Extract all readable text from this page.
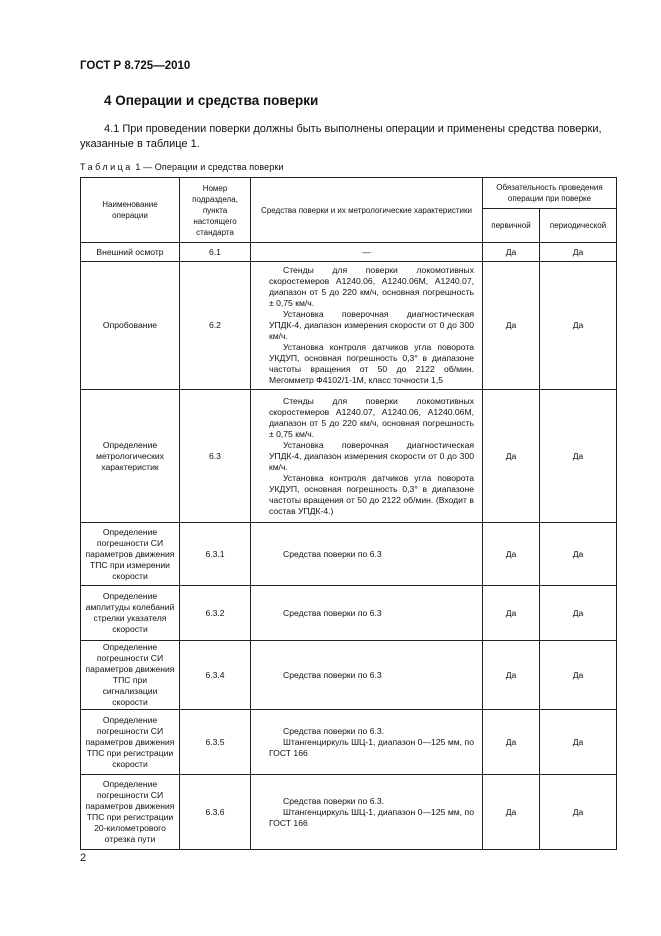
ГОСТ Р 8.725—2010
4 Операции и средства поверки
4.1 При проведении поверки должны быть выполнены операции и применены средства поверки, указанные в таблице 1.
Таблица 1 — Операции и средства поверки
Наименование операции	Номер подраздела, пункта настоящего стандарта	Средства поверки и их метрологические характеристики	Обязательность проведения операции при поверке	
			первичной	периодической
Внешний осмотр	6.1	—	Да	Да
Опробование	6.2	Стенды для поверки локомотивных скоростемеров А1240.06, А1240.06М, А1240.07, диапазон от 5 до 220 км/ч, основная погрешность ± 0,75 км/ч.
Установка поверочная диагностическая УПДК-4, диапазон измерения скорости от 0 до 300 км/ч.
Установка контроля датчиков угла поворота УКДУП, основная погрешность 0,3° в диапазоне частоты вращения от 50 до 2122 об/мин. Мегомметр Ф4102/1-1М, класс точности 1,5	Да	Да
Определение метрологических характеристик	6.3	Стенды для поверки локомотивных скоростемеров А1240.07, А1240.06, А1240.06М, диапазон от 5 до 220 км/ч, основная погрешность ± 0,75 км/ч.
Установка поверочная диагностическая УПДК-4, диапазон измерения скорости от 0 до 300 км/ч.
Установка контроля датчиков угла поворота УКДУП, основная погрешность 0,3° в диапазоне частоты вращения от 50 до 2122 об/мин. (Входит в состав УПДК-4.)	Да	Да
Определение погрешности СИ параметров движения ТПС при измерении скорости	6.3.1	Средства поверки по 6.3	Да	Да
Определение амплитуды колебаний стрелки указателя скорости	6.3.2	Средства поверки по 6.3	Да	Да
Определение погрешности СИ параметров движения ТПС при сигнализации скорости	6.3.4	Средства поверки по 6.3	Да	Да
Определение погрешности СИ параметров движения ТПС при регистрации скорости	6.3.5	Средства поверки по 6.3.
Штангенциркуль ШЦ-1, диапазон 0—125 мм, по ГОСТ 166	Да	Да
Определение погрешности СИ параметров движения ТПС при регистрации 20-километрового отрезка пути	6.3.6	Средства поверки по 6.3.
Штангенциркуль ШЦ-1, диапазон 0—125 мм, по ГОСТ 166	Да	Да
2
